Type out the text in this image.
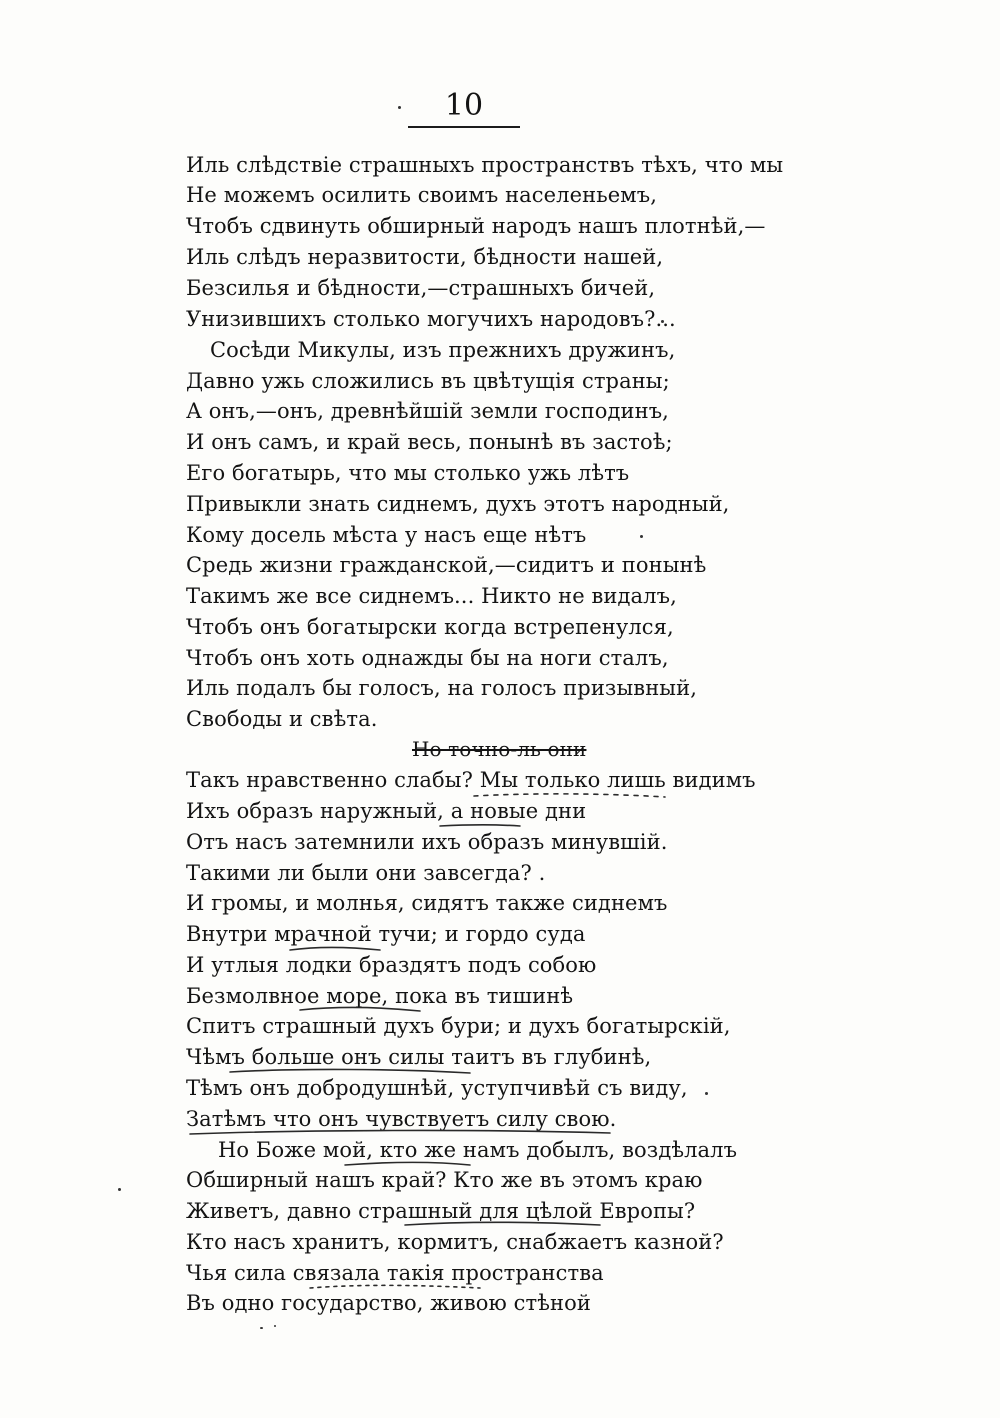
10
Иль слѣдствіе страшныхъ пространствъ тѣхъ, что мы
Не можемъ осилить своимъ населеньемъ,
Чтобъ сдвинуть обширный народъ нашъ плотнѣй,—
Иль слѣдъ неразвитости, бѣдности нашей,
Безсилья и бѣдности,—страшныхъ бичей,
Унизившихъ столько могучихъ народовъ?...
Сосѣди Микулы, изъ прежнихъ дружинъ,
Давно ужь сложились въ цвѣтущія страны;
А онъ,—онъ, древнѣйшій земли господинъ,
И онъ самъ, и край весь, понынѣ въ застоѣ;
Его богатырь, что мы столько ужь лѣтъ
Привыкли знать сиднемъ, духъ этотъ народный,
Кому досель мѣста у насъ еще нѣтъ
Средь жизни гражданской,—сидитъ и понынѣ
Такимъ же все сиднемъ... Никто не видалъ,
Чтобъ онъ богатырски когда встрепенулся,
Чтобъ онъ хоть однажды бы на ноги сталъ,
Иль подалъ бы голосъ, на голосъ призывный,
Свободы и свѣта.
Но точно-ль они
Такъ нравственно слабы? Мы только лишь видимъ
Ихъ образъ наружный, а новые дни
Отъ насъ затемнили ихъ образъ минувшій.
Такими ли были они завсегда? .
И громы, и молнья, сидятъ также сиднемъ
Внутри мрачной тучи; и гордо суда
И утлыя лодки браздятъ подъ собою
Безмолвное море, пока въ тишинѣ
Спитъ страшный духъ бури; и духъ богатырскій,
Чѣмъ больше онъ силы таитъ въ глубинѣ,
Тѣмъ онъ добродушнѣй, уступчивѣй съ виду,
Затѣмъ что онъ чувствуетъ силу свою.
Но Боже мой, кто же намъ добылъ, воздѣлалъ
Обширный нашъ край? Кто же въ этомъ краю
Живетъ, давно страшный для цѣлой Европы?
Кто насъ хранитъ, кормитъ, снабжаетъ казной?
Чья сила связала такія пространства
Въ одно государство, живою стѣной
